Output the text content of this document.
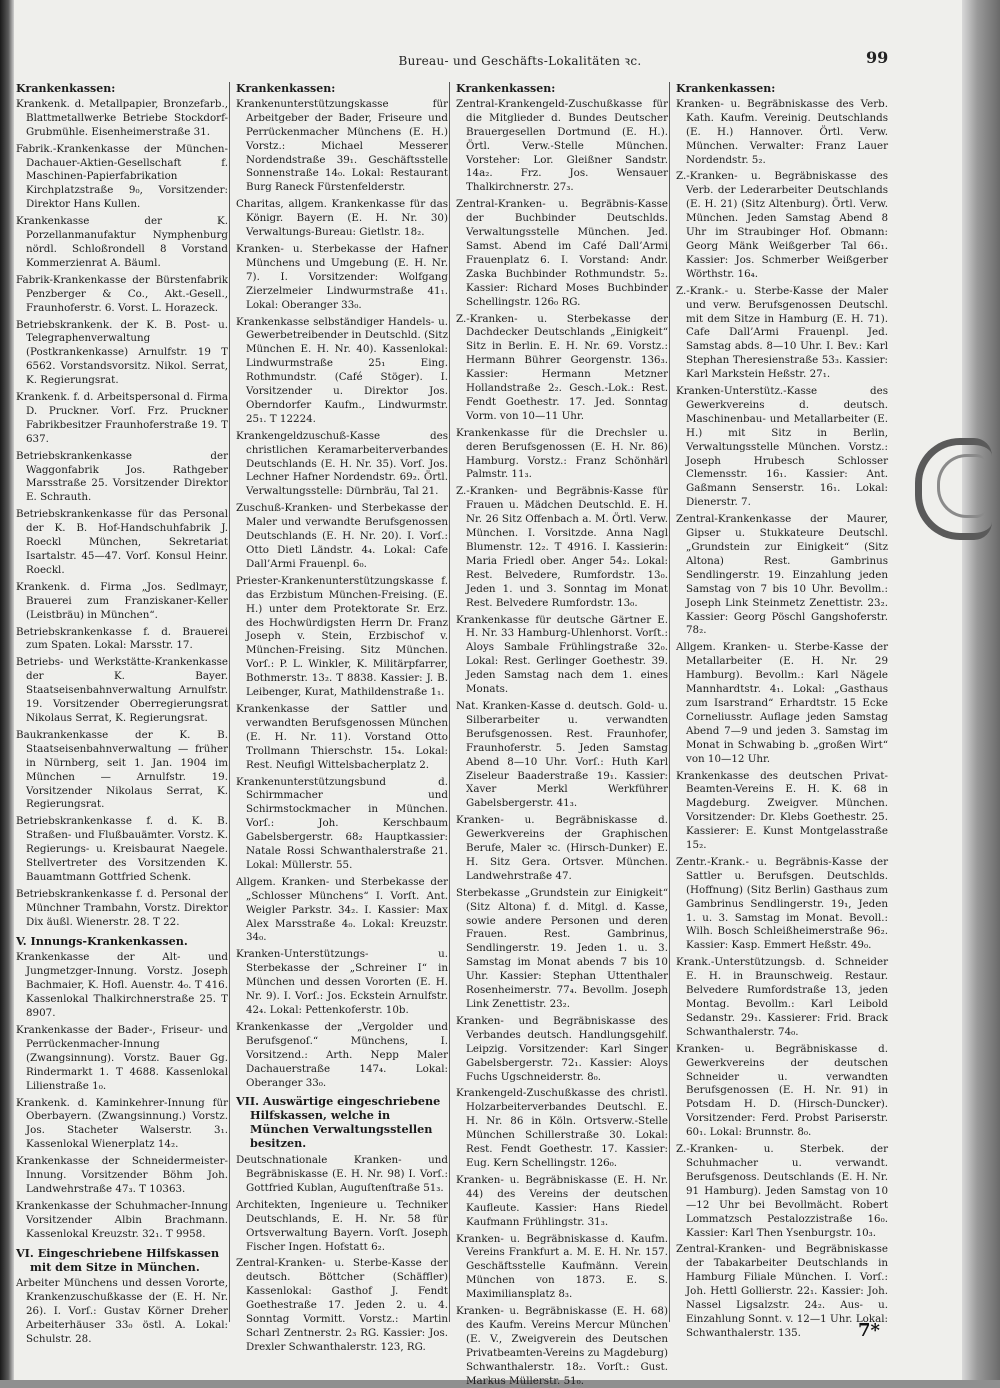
Bureau- und Geschäfts-Lokalitäten ꝛc.	99
Krankenkassen:
Krankenk. d. Metallpapier, Bronzefarb., Blattmetallwerke Betriebe Stockdorf-Grubmühle. Eisenheimerstraße 31.
Fabrik.-Krankenkasse der München-Dachauer-Aktien-Gesellschaft f. Maschinen-Papierfabrikation Kirchplatzstraße 9₀, Vorsitzender: Direktor Hans Kullen.
Krankenkasse der K. Porzellanmanufaktur Nymphenburg nördl. Schloßrondell 8 Vorstand Kommerzienrat A. Bäuml.
Fabrik-Krankenkasse der Bürstenfabrik Penzberger & Co., Akt.-Gesell., Fraunhoferstr. 6. Vorst. L. Horazeck.
Betriebskrankenk. der K. B. Post- u. Telegraphenverwaltung (Postkrankenkasse) Arnulfstr. 19 T 6562. Vorstandsvorsitz. Nikol. Serrat, K. Regierungsrat.
Krankenk. f. d. Arbeitspersonal d. Firma D. Pruckner. Vorſ. Frz. Pruckner Fabrikbesitzer Fraunhoferstraße 19. T 637.
Betriebskrankenkasse der Waggonfabrik Jos. Rathgeber Marsstraße 25. Vorsitzender Direktor E. Schrauth.
Betriebskrankenkasse für das Personal der K. B. Hof-Handschuhfabrik J. Roeckl München, Sekretariat Isartalstr. 45—47. Vorſ. Konsul Heinr. Roeckl.
Krankenk. d. Firma „Jos. Sedlmayr, Brauerei zum Franziskaner-Keller (Leistbräu) in München“.
Betriebskrankenkasse f. d. Brauerei zum Spaten. Lokal: Marsstr. 17.
Betriebs- und Werkstätte-Krankenkasse der K. Bayer. Staatseisenbahnverwaltung Arnulfstr. 19. Vorsitzender Oberregierungsrat Nikolaus Serrat, K. Regierungsrat.
Baukrankenkasse der K. B. Staatseisenbahnverwaltung — früher in Nürnberg, seit 1. Jan. 1904 im München — Arnulfstr. 19. Vorsitzender Nikolaus Serrat, K. Regierungsrat.
Betriebskrankenkasse f. d. K. B. Straßen- und Flußbauämter. Vorstz. K. Regierungs- u. Kreisbaurat Naegele. Stellvertreter des Vorsitzenden K. Bauamtmann Gottfried Schenk.
Betriebskrankenkasse f. d. Personal der Münchner Trambahn, Vorstz. Direktor Dix äußl. Wienerstr. 28. T 22.
V. Innungs-Krankenkassen.
Krankenkasse der Alt- und Jungmetzger-Innung. Vorstz. Joseph Bachmaier, K. Hofl. Auenstr. 4₀. T 416. Kassenlokal Thalkirchnerstraße 25. T 8907.
Krankenkasse der Bader-, Friseur- und Perrückenmacher-Innung (Zwangsinnung). Vorstz. Bauer Gg. Rindermarkt 1. T 4688. Kassenlokal Lilienstraße 1₀.
Krankenk. d. Kaminkehrer-Innung für Oberbayern. (Zwangsinnung.) Vorstz. Jos. Stacheter Walserstr. 3₁. Kassenlokal Wienerplatz 14₂.
Krankenkasse der Schneidermeister-Innung. Vorsitzender Böhm Joh. Landwehrstraße 47₃. T 10363.
Krankenkasse der Schuhmacher-Innung Vorsitzender Albin Brachmann. Kassenlokal Kreuzstr. 32₁. T 9958.
VI. Eingeschriebene Hilfskassen mit dem Sitze in München.
Arbeiter Münchens und dessen Vororte, Krankenzuschußkasse der (E. H. Nr. 26). I. Vorſ.: Gustav Körner Dreher Arbeiterhäuser 33₀ östl. A. Lokal: Schulstr. 28.
Krankenkassen:
Krankenunterstützungskasse für Arbeitgeber der Bader, Friseure und Perrückenmacher Münchens (E. H.) Vorstz.: Michael Messerer Nordendstraße 39₁. Geschäftsstelle Sonnenstraße 14₀. Lokal: Restaurant Burg Raneck Fürstenfelderstr.
Charitas, allgem. Krankenkasse für das Königr. Bayern (E. H. Nr. 30) Verwaltungs-Bureau: Gietlstr. 18₂.
Kranken- u. Sterbekasse der Hafner Münchens und Umgebung (E. H. Nr. 7). I. Vorsitzender: Wolfgang Zierzelmeier Lindwurmstraße 41₁. Lokal: Oberanger 33₀.
Krankenkasse selbständiger Handels- u. Gewerbetreibender in Deutschld. (Sitz München E. H. Nr. 40). Kassenlokal: Lindwurmstraße 25₁ Eing. Rothmundstr. (Café Stöger). I. Vorsitzender u. Direktor Jos. Oberndorfer Kaufm., Lindwurmstr. 25₁. T 12224.
Krankengeldzuschuß-Kasse des christlichen Keramarbeiterverbandes Deutschlands (E. H. Nr. 35). Vorſ. Jos. Lechner Hafner Nordendstr. 69₂. Örtl. Verwaltungsstelle: Dürnbräu, Tal 21.
Zuschuß-Kranken- und Sterbekasse der Maler und verwandte Berufsgenossen Deutschlands (E. H. Nr. 20). I. Vorſ.: Otto Dietl Ländstr. 4₄. Lokal: Cafe Dall’Armi Frauenpl. 6₀.
Priester-Krankenunterstützungskasse f. das Erzbistum München-Freising. (E. H.) unter dem Protektorate Sr. Erz. des Hochwürdigsten Herrn Dr. Franz Joseph v. Stein, Erzbischof v. München-Freising. Sitz München. Vorſ.: P. L. Winkler, K. Militärpfarrer, Bothmerstr. 13₂. T 8838. Kassier: J. B. Leibenger, Kurat, Mathildenstraße 1₁.
Krankenkasse der Sattler und verwandten Berufsgenossen München (E. H. Nr. 11). Vorstand Otto Trollmann Thierschstr. 15₄. Lokal: Rest. Neufigl Wittelsbacherplatz 2.
Krankenunterstützungsbund d. Schirmmacher und Schirmstockmacher in München. Vorſ.: Joh. Kerschbaum Gabelsbergerstr. 68₂ Hauptkassier: Natale Rossi Schwanthalerstraße 21. Lokal: Müllerstr. 55.
Allgem. Kranken- und Sterbekasse der „Schlosser Münchens“ I. Vorſt. Ant. Weigler Parkstr. 34₂. I. Kassier: Max Alex Marsstraße 4₀. Lokal: Kreuzstr. 34₀.
Kranken-Unterstützungs- u. Sterbekasse der „Schreiner I“ in München und dessen Vororten (E. H. Nr. 9). I. Vorſ.: Jos. Eckstein Arnulfstr. 42₄. Lokal: Pettenkoferstr. 10b.
Krankenkasse der „Vergolder und Berufsgenoſ.“ Münchens, I. Vorsitzend.: Arth. Nepp Maler Dachauerstraße 147₄. Lokal: Oberanger 33₀.
VII. Auswärtige eingeschriebene Hilfskassen, welche in München Verwaltungsstellen besitzen.
Deutschnationale Kranken- und Begräbniskasse (E. H. Nr. 98) I. Vorſ.: Gottfried Kublan, Auguſtenſtraße 51₃.
Architekten, Ingenieure u. Techniker Deutschlands, E. H. Nr. 58 für Ortsverwaltung Bayern. Vorſt. Joseph Fischer Ingen. Hofstatt 6₂.
Zentral-Kranken- u. Sterbe-Kasse der deutsch. Böttcher (Schäffler) Kassenlokal: Gasthof J. Fendt Goethestraße 17. Jeden 2. u. 4. Sonntag Vormitt. Vorstz.: Martin Scharl Zentnerstr. 2₃ RG. Kassier: Jos. Drexler Schwanthalerstr. 123, RG.
Krankenkassen:
Zentral-Krankengeld-Zuschußkasse für die Mitglieder d. Bundes Deutscher Brauergesellen Dortmund (E. H.). Örtl. Verw.-Stelle München. Vorsteher: Lor. Gleißner Sandstr. 14a₂. Frz. Jos. Wensauer Thalkirchnerstr. 27₃.
Zentral-Kranken- u. Begräbnis-Kasse der Buchbinder Deutschlds. Verwaltungsstelle München. Jed. Samst. Abend im Café Dall’Armi Frauenplatz 6. I. Vorstand: Andr. Zaska Buchbinder Rothmundstr. 5₂. Kassier: Richard Moses Buchbinder Schellingstr. 126₀ RG.
Z.-Kranken- u. Sterbekasse der Dachdecker Deutschlands „Einigkeit“ Sitz in Berlin. E. H. Nr. 69. Vorstz.: Hermann Bührer Georgenstr. 136₃. Kassier: Hermann Metzner Hollandstraße 2₂. Gesch.-Lok.: Rest. Fendt Goethestr. 17. Jed. Sonntag Vorm. von 10—11 Uhr.
Krankenkasse für die Drechsler u. deren Berufsgenossen (E. H. Nr. 86) Hamburg. Vorstz.: Franz Schönhärl Palmstr. 11₃.
Z.-Kranken- und Begräbnis-Kasse für Frauen u. Mädchen Deutschld. E. H. Nr. 26 Sitz Offenbach a. M. Örtl. Verw. München. I. Vorsitzde. Anna Nagl Blumenstr. 12₂. T 4916. I. Kassierin: Maria Friedl ober. Anger 54₂. Lokal: Rest. Belvedere, Rumfordstr. 13₀. Jeden 1. und 3. Sonntag im Monat Rest. Belvedere Rumfordstr. 13₀.
Krankenkasse für deutsche Gärtner E. H. Nr. 33 Hamburg-Uhlenhorst. Vorſt.: Aloys Sambale Frühlingstraße 32₀. Lokal: Rest. Gerlinger Goethestr. 39. Jeden Samstag nach dem 1. eines Monats.
Nat. Kranken-Kasse d. deutsch. Gold- u. Silberarbeiter u. verwandten Berufsgenossen. Rest. Fraunhofer, Fraunhoferstr. 5. Jeden Samstag Abend 8—10 Uhr. Vorſ.: Huth Karl Ziseleur Baaderstraße 19₁. Kassier: Xaver Merkl Werkführer Gabelsbergerstr. 41₃.
Kranken- u. Begräbniskasse d. Gewerkvereins der Graphischen Berufe, Maler ꝛc. (Hirsch-Dunker) E. H. Sitz Gera. Ortsver. München. Landwehrstraße 47.
Sterbekasse „Grundstein zur Einigkeit“ (Sitz Altona) f. d. Mitgl. d. Kasse, sowie andere Personen und deren Frauen. Rest. Gambrinus, Sendlingerstr. 19. Jeden 1. u. 3. Samstag im Monat abends 7 bis 10 Uhr. Kassier: Stephan Uttenthaler Rosenheimerstr. 77₄. Bevollm. Joseph Link Zenettistr. 23₂.
Kranken- und Begräbniskasse des Verbandes deutsch. Handlungsgehilf. Leipzig. Vorsitzender: Karl Singer Gabelsbergerstr. 72₁. Kassier: Aloys Fuchs Ugschneiderstr. 8₀.
Krankengeld-Zuschußkasse des christl. Holzarbeiterverbandes Deutschl. E. H. Nr. 86 in Köln. Ortsverw.-Stelle München Schillerstraße 30. Lokal: Rest. Fendt Goethestr. 17. Kassier: Eug. Kern Schellingstr. 126₀.
Kranken- u. Begräbniskasse (E. H. Nr. 44) des Vereins der deutschen Kaufleute. Kassier: Hans Riedel Kaufmann Frühlingstr. 31₃.
Kranken- u. Begräbniskasse d. Kaufm. Vereins Frankfurt a. M. E. H. Nr. 157. Geschäftsstelle Kaufmänn. Verein München von 1873. E. S. Maximiliansplatz 8₃.
Kranken- u. Begräbniskasse (E. H. 68) des Kaufm. Vereins Mercur München (E. V., Zweigverein des Deutschen Privatbeamten-Vereins zu Magdeburg) Schwanthalerstr. 18₂. Vorſt.: Gust. Markus Müllerstr. 51₀.
Krankenkassen:
Kranken- u. Begräbniskasse des Verb. Kath. Kaufm. Vereinig. Deutschlands (E. H.) Hannover. Örtl. Verw. München. Verwalter: Franz Lauer Nordendstr. 5₂.
Z.-Kranken- u. Begräbniskasse des Verb. der Lederarbeiter Deutschlands (E. H. 21) (Sitz Altenburg). Örtl. Verw. München. Jeden Samstag Abend 8 Uhr im Straubinger Hof. Obmann: Georg Mänk Weißgerber Tal 66₁. Kassier: Jos. Schmerber Weißgerber Wörthstr. 16₄.
Z.-Krank.- u. Sterbe-Kasse der Maler und verw. Berufsgenossen Deutschl. mit dem Sitze in Hamburg (E. H. 71). Cafe Dall’Armi Frauenpl. Jed. Samstag abds. 8—10 Uhr. I. Bev.: Karl Stephan Theresienstraße 53₃. Kassier: Karl Markstein Heßstr. 27₁.
Kranken-Unterstütz.-Kasse des Gewerkvereins d. deutsch. Maschinenbau- und Metallarbeiter (E. H.) mit Sitz in Berlin, Verwaltungsstelle München. Vorstz.: Joseph Hrubesch Schlosser Clemensstr. 16₁. Kassier: Ant. Gaßmann Senserstr. 16₁. Lokal: Dienerstr. 7.
Zentral-Krankenkasse der Maurer, Gipser u. Stukkateure Deutschl. „Grundstein zur Einigkeit“ (Sitz Altona) Rest. Gambrinus Sendlingerstr. 19. Einzahlung jeden Samstag von 7 bis 10 Uhr. Bevollm.: Joseph Link Steinmetz Zenettistr. 23₂. Kassier: Georg Pöschl Gangshoferstr. 78₂.
Allgem. Kranken- u. Sterbe-Kasse der Metallarbeiter (E. H. Nr. 29 Hamburg). Bevollm.: Karl Nägele Mannhardtstr. 4₁. Lokal: „Gasthaus zum Isarstrand“ Erhardtstr. 15 Ecke Corneliusstr. Auflage jeden Samstag Abend 7—9 und jeden 3. Samstag im Monat in Schwabing b. „großen Wirt“ von 10—12 Uhr.
Krankenkasse des deutschen Privat-Beamten-Vereins E. H. K. 68 in Magdeburg. Zweigver. München. Vorsitzender: Dr. Klebs Goethestr. 25. Kassierer: E. Kunst Montgelasstraße 15₂.
Zentr.-Krank.- u. Begräbnis-Kasse der Sattler u. Berufsgen. Deutschlds. (Hoffnung) (Sitz Berlin) Gasthaus zum Gambrinus Sendlingerstr. 19₁, Jeden 1. u. 3. Samstag im Monat. Bevoll.: Wilh. Bosch Schleißheimerstraße 96₂. Kassier: Kasp. Emmert Heßstr. 49₀.
Krank.-Unterstützungsb. d. Schneider E. H. in Braunschweig. Restaur. Belvedere Rumfordstraße 13, jeden Montag. Bevollm.: Karl Leibold Sedanstr. 29₁. Kassierer: Frid. Brack Schwanthalerstr. 74₀.
Kranken- u. Begräbniskasse d. Gewerkvereins der deutschen Schneider u. verwandten Berufsgenossen (E. H. Nr. 91) in Potsdam H. D. (Hirsch-Duncker). Vorsitzender: Ferd. Probst Pariserstr. 60₁. Lokal: Brunnstr. 8₀.
Z.-Kranken- u. Sterbek. der Schuhmacher u. verwandt. Berufsgenoss. Deutschlands (E. H. Nr. 91 Hamburg). Jeden Samstag von 10—12 Uhr bei Bevollmächt. Robert Lommatzsch Pestalozzistraße 16₀. Kassier: Karl Then Ysenburgstr. 10₃.
Zentral-Kranken- und Begräbniskasse der Tabakarbeiter Deutschlands in Hamburg Filiale München. I. Vorſ.: Joh. Hettl Gollierstr. 22₁. Kassier: Joh. Nassel Ligsalzstr. 24₂. Aus- u. Einzahlung Sonnt. v. 12—1 Uhr. Lokal: Schwanthalerstr. 135.	7*
